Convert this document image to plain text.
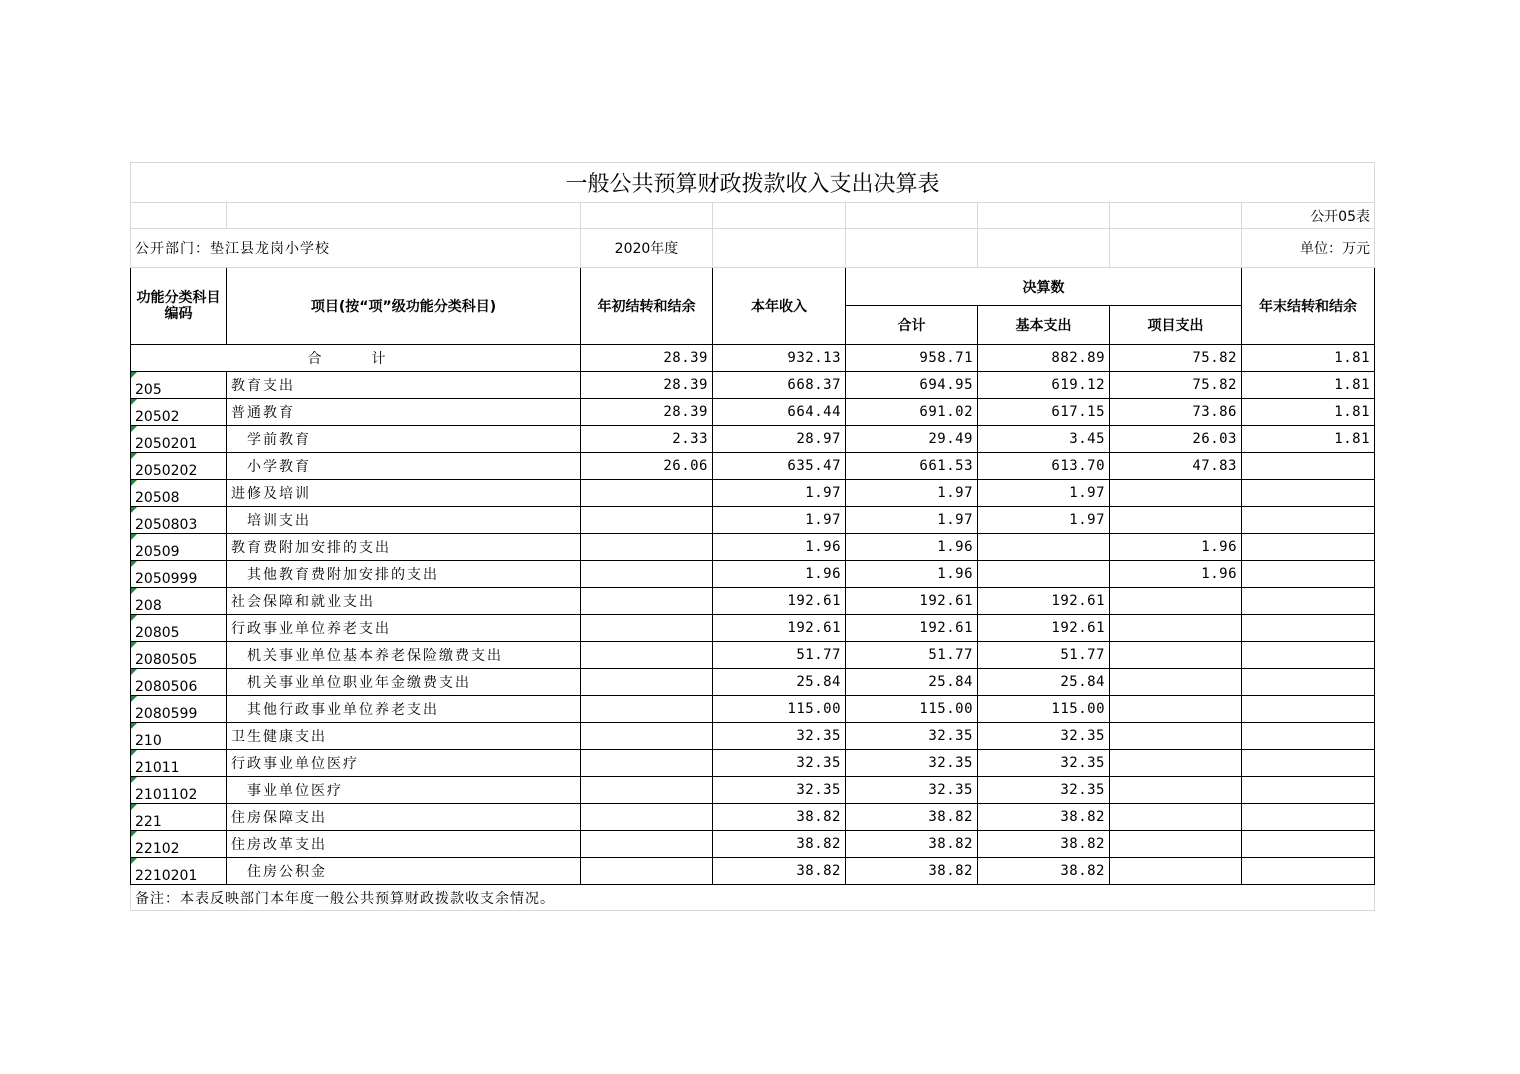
一般公共预算财政拨款收入支出决算表							
							公开05表
公开部门：垫江县龙岗小学校		2020年度					单位：万元
功能分类科目编码	项目(按“项”级功能分类科目)	年初结转和结余	本年收入	决算数			年末结转和结余
				合计	基本支出	项目支出	
合　计		28.39	932.13	958.71	882.89	75.82	1.81
205	教育支出	28.39	668.37	694.95	619.12	75.82	1.81
20502	普通教育	28.39	664.44	691.02	617.15	73.86	1.81
2050201	学前教育	2.33	28.97	29.49	3.45	26.03	1.81
2050202	小学教育	26.06	635.47	661.53	613.70	47.83	
20508	进修及培训		1.97	1.97	1.97		
2050803	培训支出		1.97	1.97	1.97		
20509	教育费附加安排的支出		1.96	1.96		1.96	
2050999	其他教育费附加安排的支出		1.96	1.96		1.96	
208	社会保障和就业支出		192.61	192.61	192.61		
20805	行政事业单位养老支出		192.61	192.61	192.61		
2080505	机关事业单位基本养老保险缴费支出		51.77	51.77	51.77		
2080506	机关事业单位职业年金缴费支出		25.84	25.84	25.84		
2080599	其他行政事业单位养老支出		115.00	115.00	115.00		
210	卫生健康支出		32.35	32.35	32.35		
21011	行政事业单位医疗		32.35	32.35	32.35		
2101102	事业单位医疗		32.35	32.35	32.35		
221	住房保障支出		38.82	38.82	38.82		
22102	住房改革支出		38.82	38.82	38.82		
2210201	住房公积金		38.82	38.82	38.82		
备注：本表反映部门本年度一般公共预算财政拨款收支余情况。							
